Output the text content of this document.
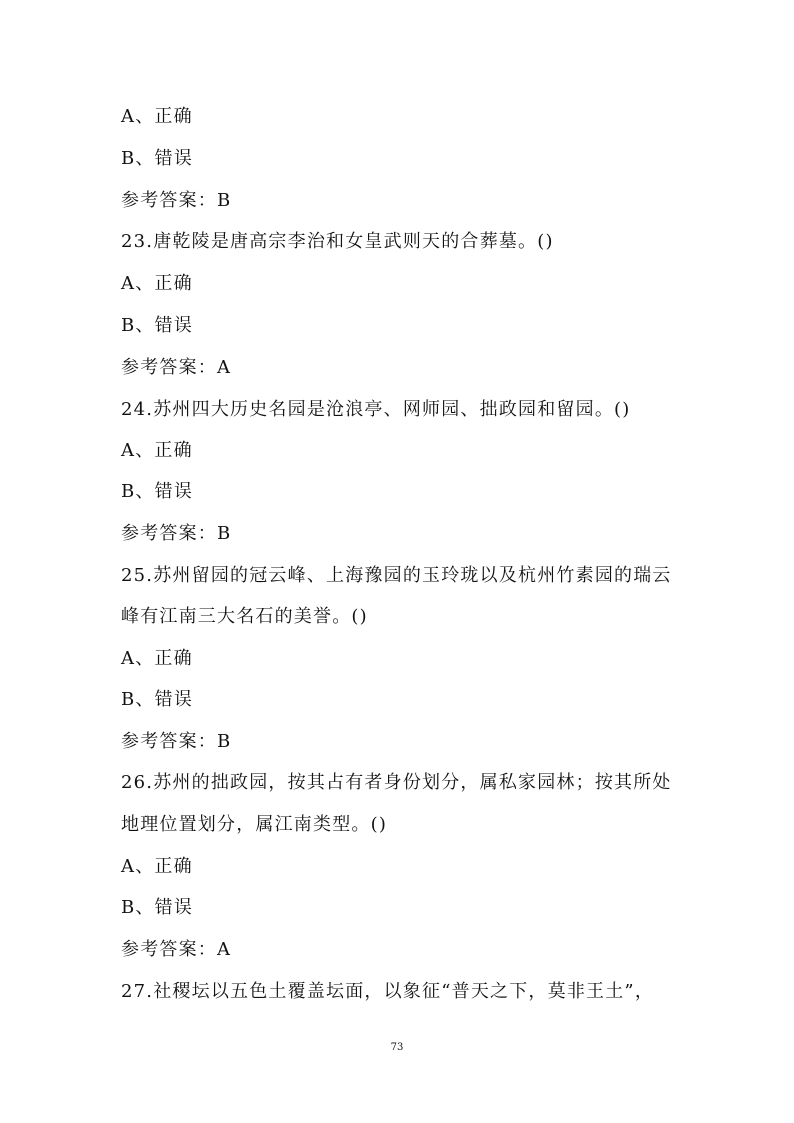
A、正确
B、错误
参考答案：B
23.唐乾陵是唐高宗李治和女皇武则天的合葬墓。()
A、正确
B、错误
参考答案：A
24.苏州四大历史名园是沧浪亭、网师园、拙政园和留园。()
A、正确
B、错误
参考答案：B
25.苏州留园的冠云峰、上海豫园的玉玲珑以及杭州竹素园的瑞云
峰有江南三大名石的美誉。()
A、正确
B、错误
参考答案：B
26.苏州的拙政园，按其占有者身份划分，属私家园林；按其所处
地理位置划分，属江南类型。()
A、正确
B、错误
参考答案：A
27.社稷坛以五色土覆盖坛面，以象征“普天之下，莫非王土”，
73
